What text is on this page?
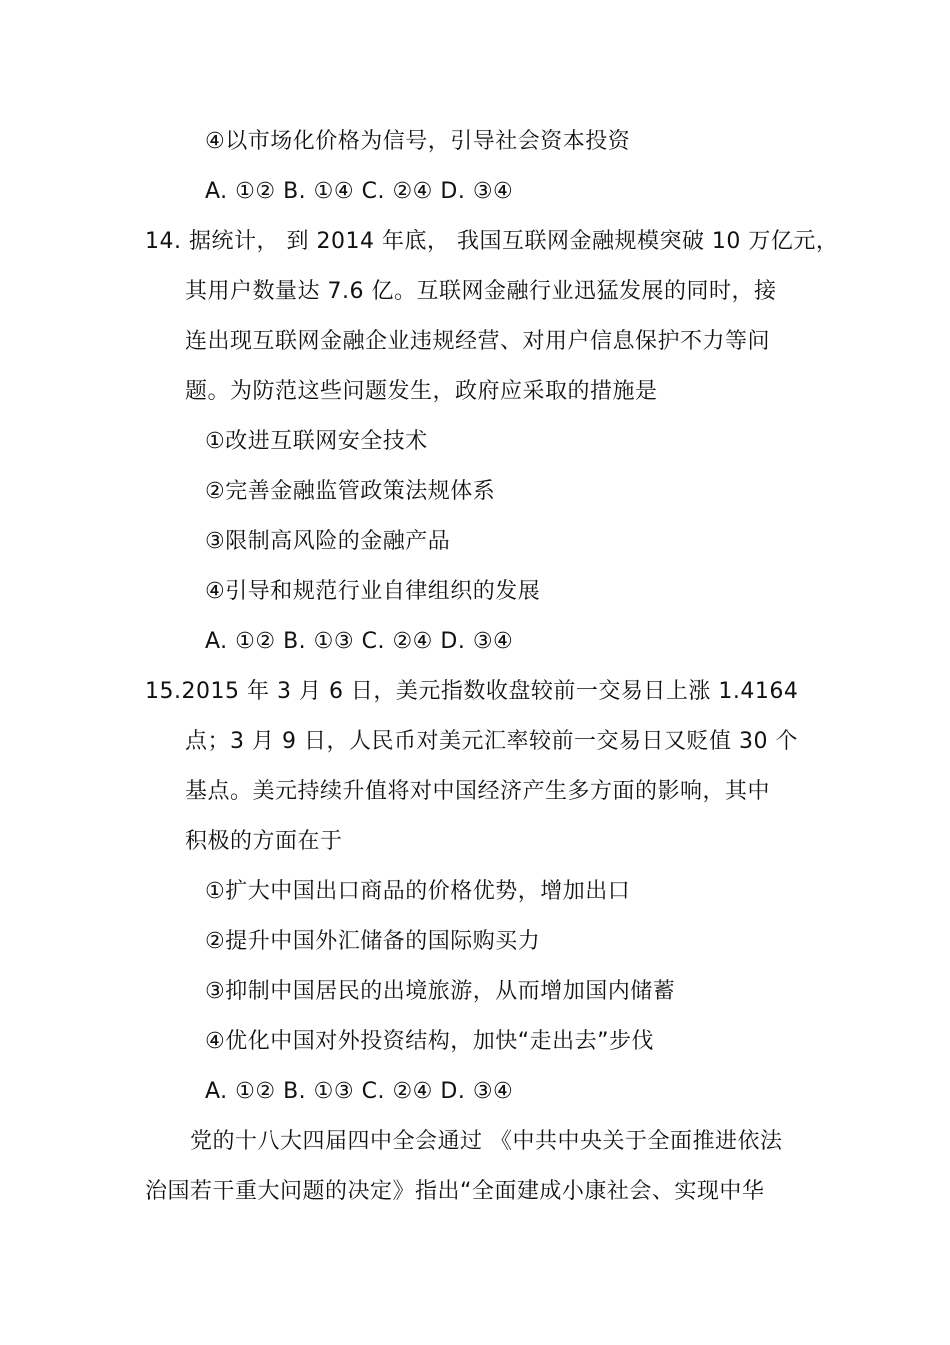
④以市场化价格为信号，引导社会资本投资
A. ①② B. ①④ C. ②④ D. ③④
14. 据统计， 到 2014 年底， 我国互联网金融规模突破 10 万亿元，
其用户数量达 7.6 亿。互联网金融行业迅猛发展的同时，接
连出现互联网金融企业违规经营、对用户信息保护不力等问
题。为防范这些问题发生，政府应采取的措施是
①改进互联网安全技术
②完善金融监管政策法规体系
③限制高风险的金融产品
④引导和规范行业自律组织的发展
A. ①② B. ①③ C. ②④ D. ③④
15.2015 年 3 月 6 日，美元指数收盘较前一交易日上涨 1.4164
点；3 月 9 日，人民币对美元汇率较前一交易日又贬值 30 个
基点。美元持续升值将对中国经济产生多方面的影响，其中
积极的方面在于
①扩大中国出口商品的价格优势，增加出口
②提升中国外汇储备的国际购买力
③抑制中国居民的出境旅游，从而增加国内储蓄
④优化中国对外投资结构，加快“走出去”步伐
A. ①② B. ①③ C. ②④ D. ③④
党的十八大四届四中全会通过 《中共中央关于全面推进依法
治国若干重大问题的决定》指出“全面建成小康社会、实现中华
